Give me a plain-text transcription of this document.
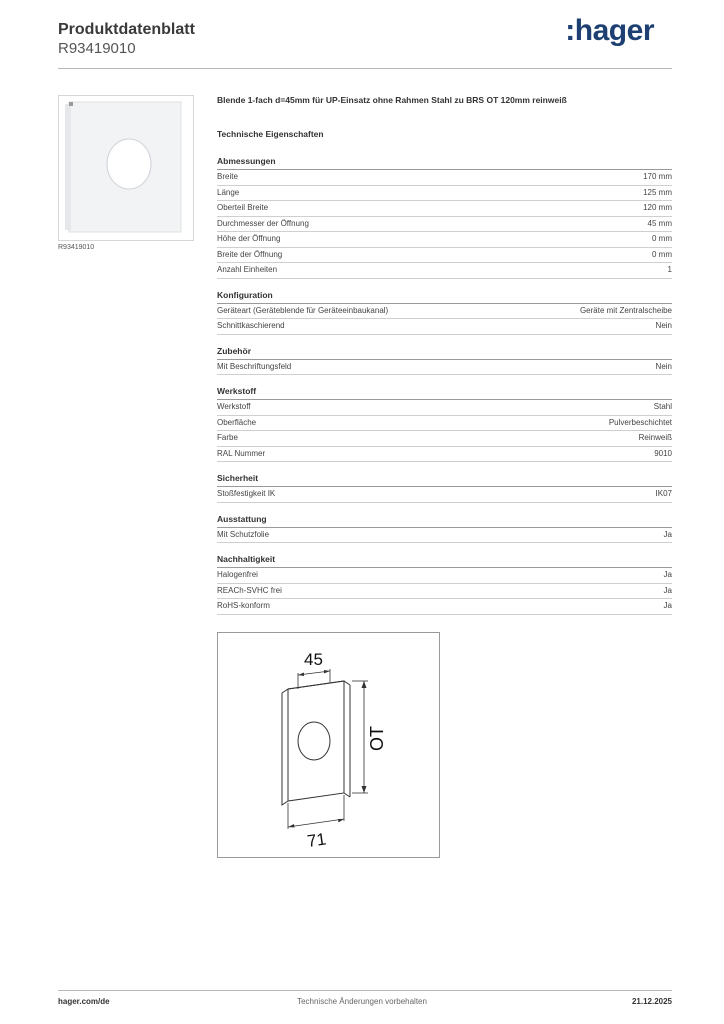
Produktdatenblatt
R93419010
:hager
R93419010
Blende 1-fach d=45mm für UP-Einsatz ohne Rahmen Stahl zu BRS OT 120mm reinweiß
Technische Eigenschaften
Abmessungen
Breite	170 mm
Länge	125 mm
Oberteil Breite	120 mm
Durchmesser der Öffnung	45 mm
Höhe der Öffnung	0 mm
Breite der Öffnung	0 mm
Anzahl Einheiten	1
Konfiguration
Geräteart (Geräteblende für Geräteeinbaukanal)	Geräte mit Zentralscheibe
Schnittkaschierend	Nein
Zubehör
Mit Beschriftungsfeld	Nein
Werkstoff
Werkstoff	Stahl
Oberfläche	Pulverbeschichtet
Farbe	Reinweiß
RAL Nummer	9010
Sicherheit
Stoßfestigkeit IK	IK07
Ausstattung
Mit Schutzfolie	Ja
Nachhaltigkeit
Halogenfrei	Ja
REACh-SVHC frei	Ja
RoHS-konform	Ja
45
OT
71
hager.com/de	Technische Änderungen vorbehalten	21.12.2025
